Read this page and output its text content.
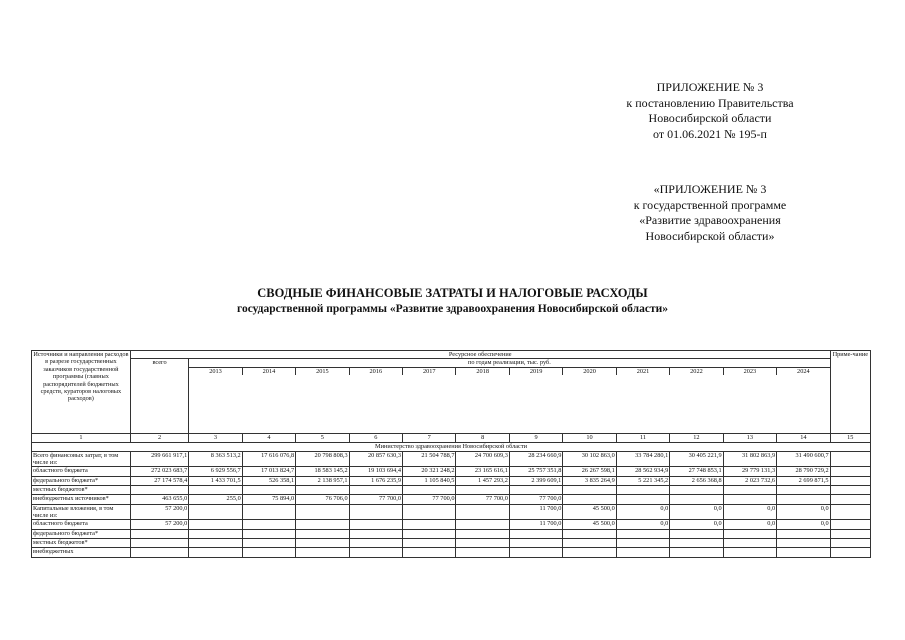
ПРИЛОЖЕНИЕ № 3
к постановлению Правительства
Новосибирской области
от 01.06.2021 № 195-п
«ПРИЛОЖЕНИЕ № 3
к государственной программе
«Развитие здравоохранения
Новосибирской области»
СВОДНЫЕ ФИНАНСОВЫЕ ЗАТРАТЫ И НАЛОГОВЫЕ РАСХОДЫ
государственной программы «Развитие здравоохранения Новосибирской области»
Источники и направления расходов в разрезе государственных заказчиков государственной программы (главных распорядителей бюджетных средств, кураторов налоговых расходов)	Ресурсное обеспечение													Приме-чание
	всего	по годам реализации, тыс. руб.												
		2013	2014	2015	2016	2017	2018	2019	2020	2021	2022	2023	2024	

1	2	3	4	5	6	7	8	9	10	11	12	13	14	15
Министерство здравоохранения Новосибирской области														
Всего финансовых затрат, в том числе из:	299 661 917,1	8 363 513,2	17 616 076,8	20 798 808,3	20 857 630,3	21 504 788,7	24 700 609,3	28 234 660,9	30 102 863,0	33 784 280,1	30 405 221,9	31 802 863,9	31 490 600,7	
областного бюджета	272 023 683,7	6 929 556,7	17 013 824,7	18 583 145,2	19 103 694,4	20 321 248,2	23 165 616,1	25 757 351,8	26 267 598,1	28 562 934,9	27 748 853,1	29 779 131,3	28 790 729,2	
федерального бюджета*	27 174 578,4	1 433 701,5	526 358,1	2 138 957,1	1 676 235,9	1 105 840,5	1 457 293,2	2 399 609,1	3 835 264,9	5 221 345,2	2 656 368,8	2 023 732,6	2 699 871,5	
местных бюджетов*														
внебюджетных источников*	463 655,0	255,0	75 894,0	76 706,0	77 700,0	77 700,0	77 700,0	77 700,0						
Капитальные вложения, в том числе из:	57 200,0							11 700,0	45 500,0	0,0	0,0	0,0	0,0	
областного бюджета	57 200,0							11 700,0	45 500,0	0,0	0,0	0,0	0,0	
федерального бюджета*														
местных бюджетов*														
внебюджетных														
